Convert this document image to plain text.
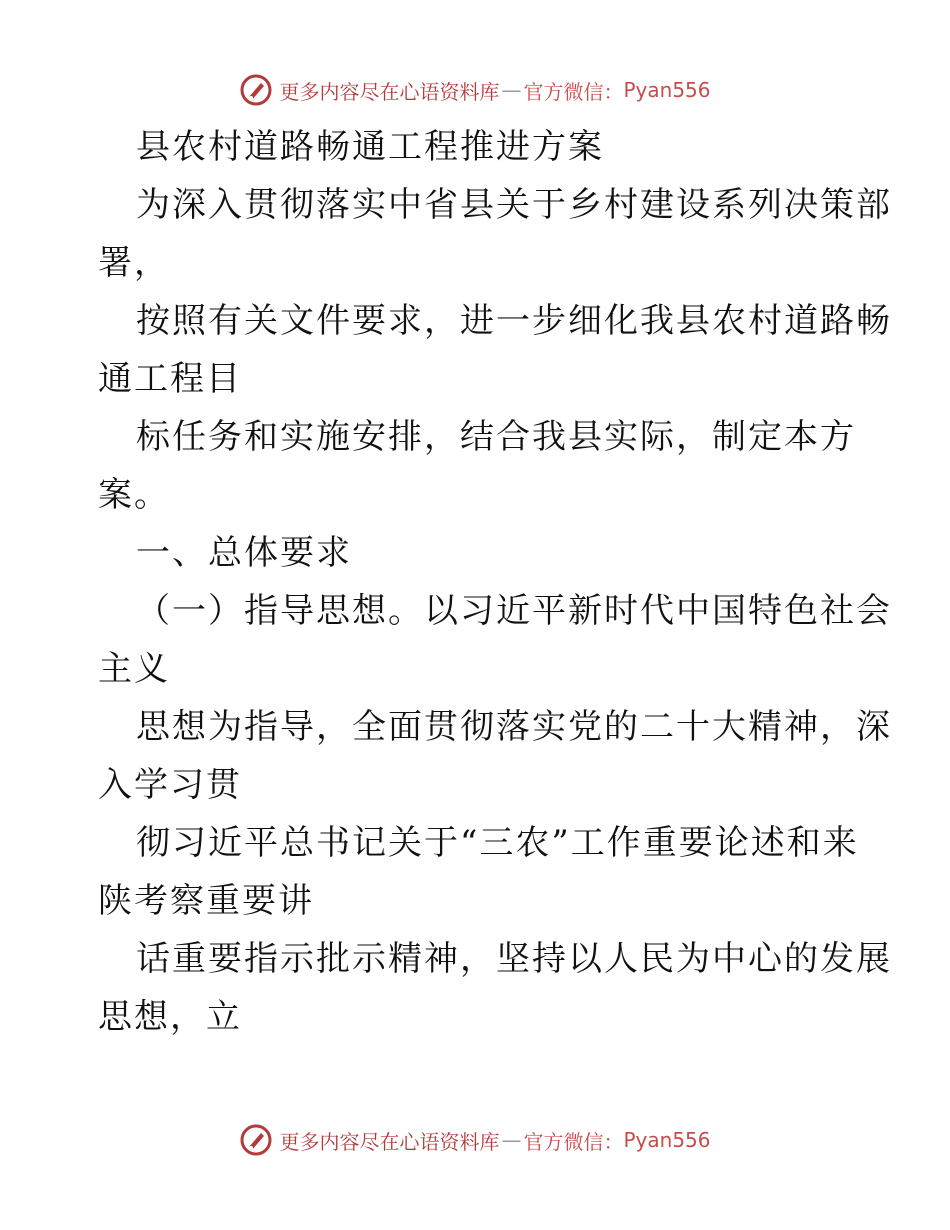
更多内容尽在心语资料库 — 官方微信： Pyan556
县农村道路畅通工程推进方案
为深入贯彻落实中省县关于乡村建设系列决策部
署，
按照有关文件要求，进一步细化我县农村道路畅
通工程目
标任务和实施安排，结合我县实际，制定本方
案。
一、总体要求
（一）指导思想。以习近平新时代中国特色社会
主义
思想为指导，全面贯彻落实党的二十大精神，深
入学习贯
彻习近平总书记关于“三农”工作重要论述和来
陕考察重要讲
话重要指示批示精神，坚持以人民为中心的发展
思想，立
更多内容尽在心语资料库 — 官方微信： Pyan556
